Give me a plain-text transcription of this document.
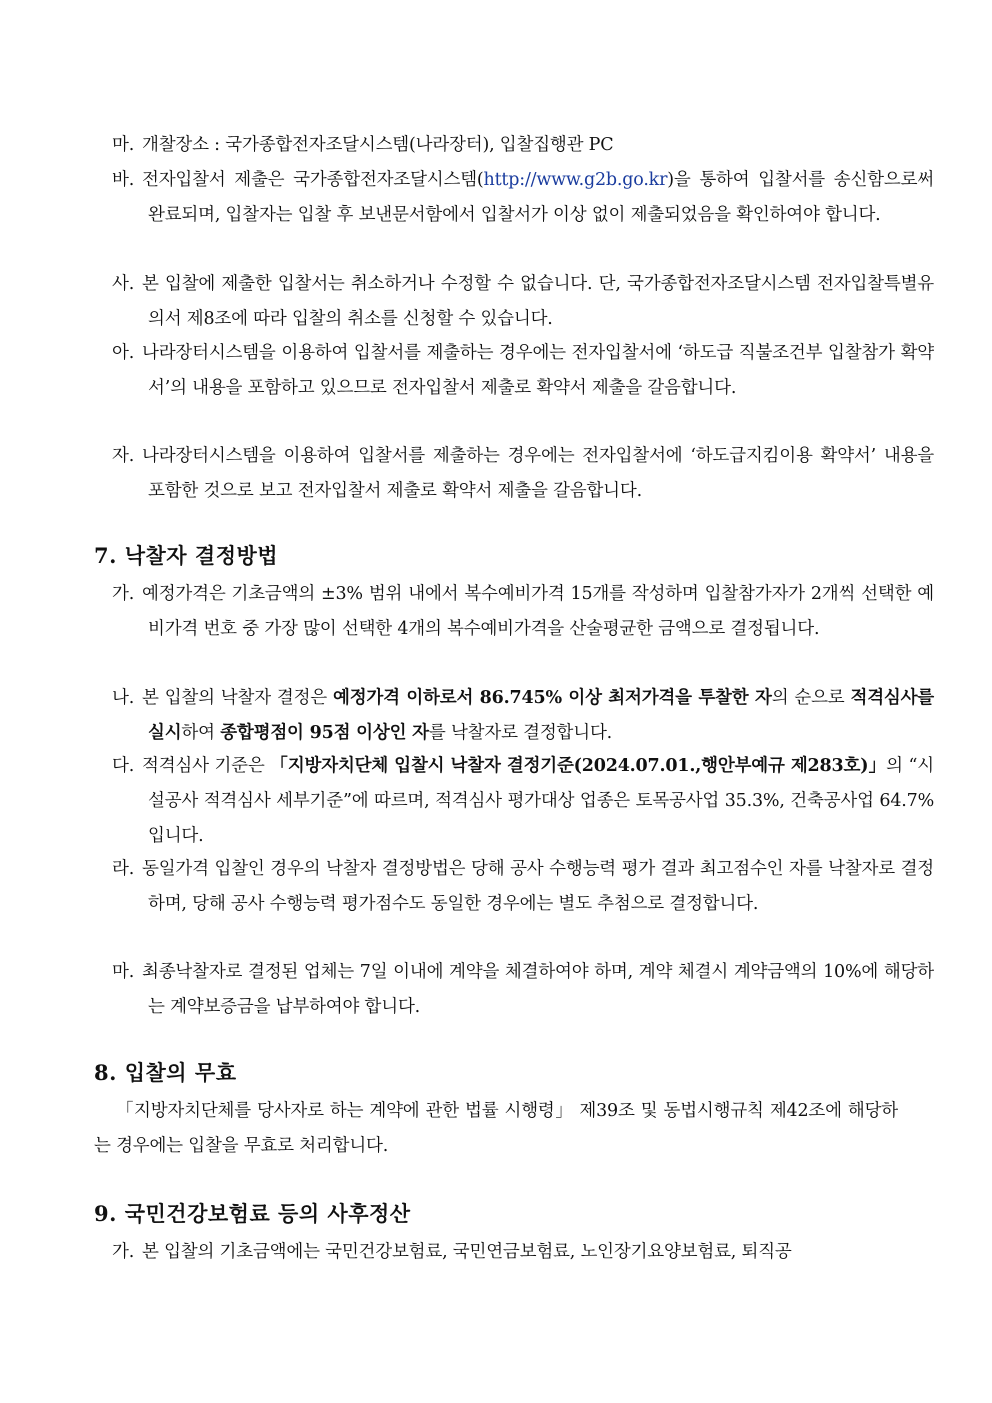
마. 개찰장소 : 국가종합전자조달시스템(나라장터), 입찰집행관 PC
바. 전자입찰서 제출은 국가종합전자조달시스템(http://www.g2b.go.kr)을 통하여 입찰서를 송신함으로써 완료되며, 입찰자는 입찰 후 보낸문서함에서 입찰서가 이상 없이 제출되었음을 확인하여야 합니다.
사. 본 입찰에 제출한 입찰서는 취소하거나 수정할 수 없습니다. 단, 국가종합전자조달시스템 전자입찰특별유의서 제8조에 따라 입찰의 취소를 신청할 수 있습니다.
아. 나라장터시스템을 이용하여 입찰서를 제출하는 경우에는 전자입찰서에 ‘하도급 직불조건부 입찰참가 확약서’의 내용을 포함하고 있으므로 전자입찰서 제출로 확약서 제출을 갈음합니다.
자. 나라장터시스템을 이용하여 입찰서를 제출하는 경우에는 전자입찰서에 ‘하도급지킴이용 확약서’ 내용을 포함한 것으로 보고 전자입찰서 제출로 확약서 제출을 갈음합니다.
7. 낙찰자 결정방법
가. 예정가격은 기초금액의 ±3% 범위 내에서 복수예비가격 15개를 작성하며 입찰참가자가 2개씩 선택한 예비가격 번호 중 가장 많이 선택한 4개의 복수예비가격을 산술평균한 금액으로 결정됩니다.
나. 본 입찰의 낙찰자 결정은 예정가격 이하로서 86.745% 이상 최저가격을 투찰한 자의 순으로 적격심사를 실시하여 종합평점이 95점 이상인 자를 낙찰자로 결정합니다.
다. 적격심사 기준은 「지방자치단체 입찰시 낙찰자 결정기준(2024.07.01.,행안부예규 제283호)」의 “시설공사 적격심사 세부기준”에 따르며, 적격심사 평가대상 업종은 토목공사업 35.3%, 건축공사업 64.7%입니다.
라. 동일가격 입찰인 경우의 낙찰자 결정방법은 당해 공사 수행능력 평가 결과 최고점수인 자를 낙찰자로 결정하며, 당해 공사 수행능력 평가점수도 동일한 경우에는 별도 추첨으로 결정합니다.
마. 최종낙찰자로 결정된 업체는 7일 이내에 계약을 체결하여야 하며, 계약 체결시 계약금액의 10%에 해당하는 계약보증금을 납부하여야 합니다.
8. 입찰의 무효
「지방자치단체를 당사자로 하는 계약에 관한 법률 시행령」 제39조 및 동법시행규칙 제42조에 해당하는 경우에는 입찰을 무효로 처리합니다.
9. 국민건강보험료 등의 사후정산
가. 본 입찰의 기초금액에는 국민건강보험료, 국민연금보험료, 노인장기요양보험료, 퇴직공
